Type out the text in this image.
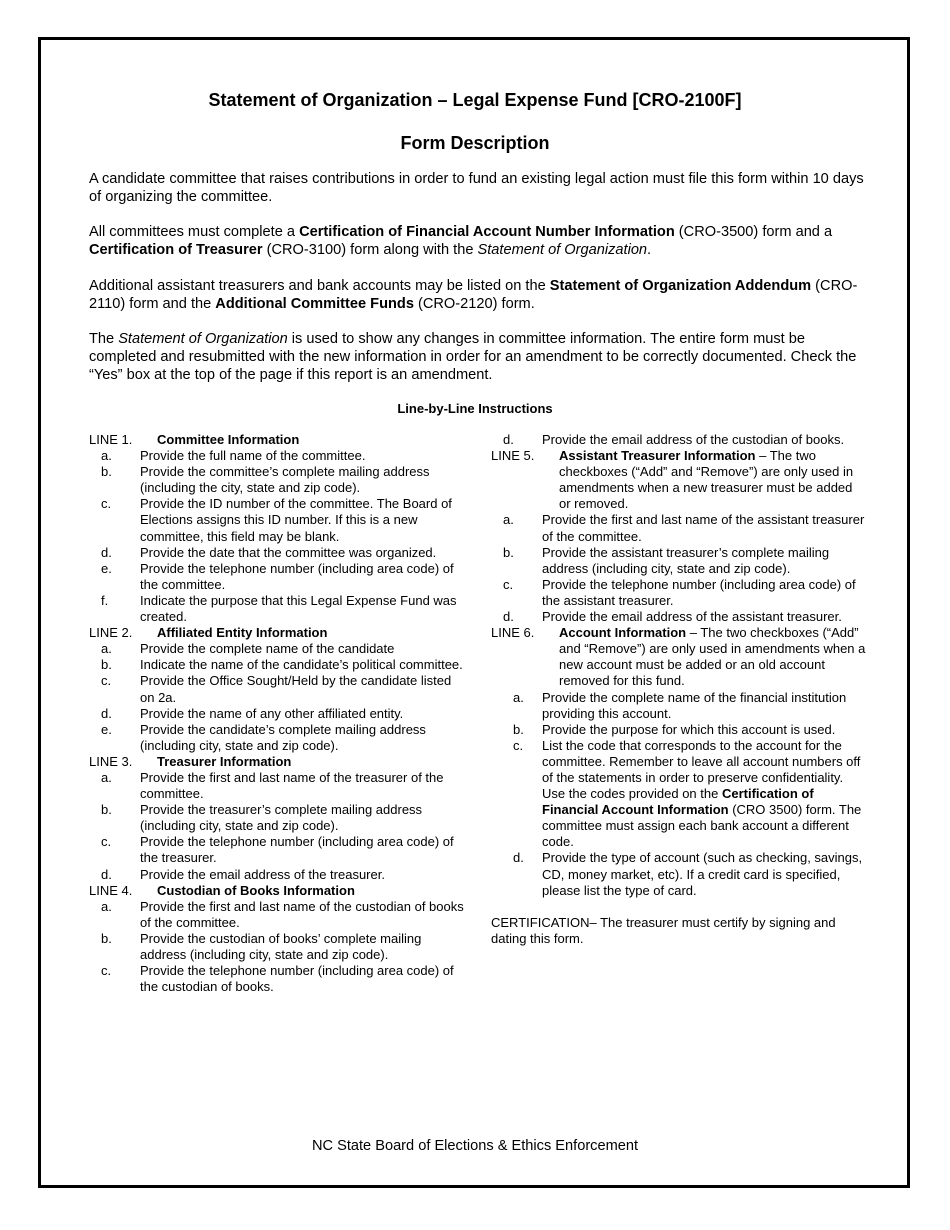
Statement of Organization – Legal Expense Fund [CRO-2100F]
Form Description
A candidate committee that raises contributions in order to fund an existing legal action must file this form within 10 days of organizing the committee.
All committees must complete a Certification of Financial Account Number Information (CRO-3500) form and a Certification of Treasurer (CRO-3100) form along with the Statement of Organization.
Additional assistant treasurers and bank accounts may be listed on the Statement of Organization Addendum (CRO-2110) form and the Additional Committee Funds (CRO-2120) form.
The Statement of Organization is used to show any changes in committee information. The entire form must be completed and resubmitted with the new information in order for an amendment to be correctly documented. Check the “Yes” box at the top of the page if this report is an amendment.
Line-by-Line Instructions
LINE 1. Committee Information
a. Provide the full name of the committee.
b. Provide the committee’s complete mailing address (including the city, state and zip code).
c. Provide the ID number of the committee. The Board of Elections assigns this ID number. If this is a new committee, this field may be blank.
d. Provide the date that the committee was organized.
e. Provide the telephone number (including area code) of the committee.
f. Indicate the purpose that this Legal Expense Fund was created.
LINE 2. Affiliated Entity Information
a. Provide the complete name of the candidate
b. Indicate the name of the candidate’s political committee.
c. Provide the Office Sought/Held by the candidate listed on 2a.
d. Provide the name of any other affiliated entity.
e. Provide the candidate’s complete mailing address (including city, state and zip code).
LINE 3. Treasurer Information
a. Provide the first and last name of the treasurer of the committee.
b. Provide the treasurer’s complete mailing address (including city, state and zip code).
c. Provide the telephone number (including area code) of the treasurer.
d. Provide the email address of the treasurer.
LINE 4. Custodian of Books Information
a. Provide the first and last name of the custodian of books of the committee.
b. Provide the custodian of books’ complete mailing address (including city, state and zip code).
c. Provide the telephone number (including area code) of the custodian of books.
d. Provide the email address of the custodian of books.
LINE 5. Assistant Treasurer Information – The two checkboxes (“Add” and “Remove”) are only used in amendments when a new treasurer must be added or removed.
a. Provide the first and last name of the assistant treasurer of the committee.
b. Provide the assistant treasurer’s complete mailing address (including city, state and zip code).
c. Provide the telephone number (including area code) of the assistant treasurer.
d. Provide the email address of the assistant treasurer.
LINE 6. Account Information – The two checkboxes (“Add” and “Remove”) are only used in amendments when a new account must be added or an old account removed for this fund.
a. Provide the complete name of the financial institution providing this account.
b. Provide the purpose for which this account is used.
c. List the code that corresponds to the account for the committee. Remember to leave all account numbers off of the statements in order to preserve confidentiality. Use the codes provided on the Certification of Financial Account Information (CRO 3500) form. The committee must assign each bank account a different code.
d. Provide the type of account (such as checking, savings, CD, money market, etc). If a credit card is specified, please list the type of card.
CERTIFICATION– The treasurer must certify by signing and dating this form.
NC State Board of Elections & Ethics Enforcement
